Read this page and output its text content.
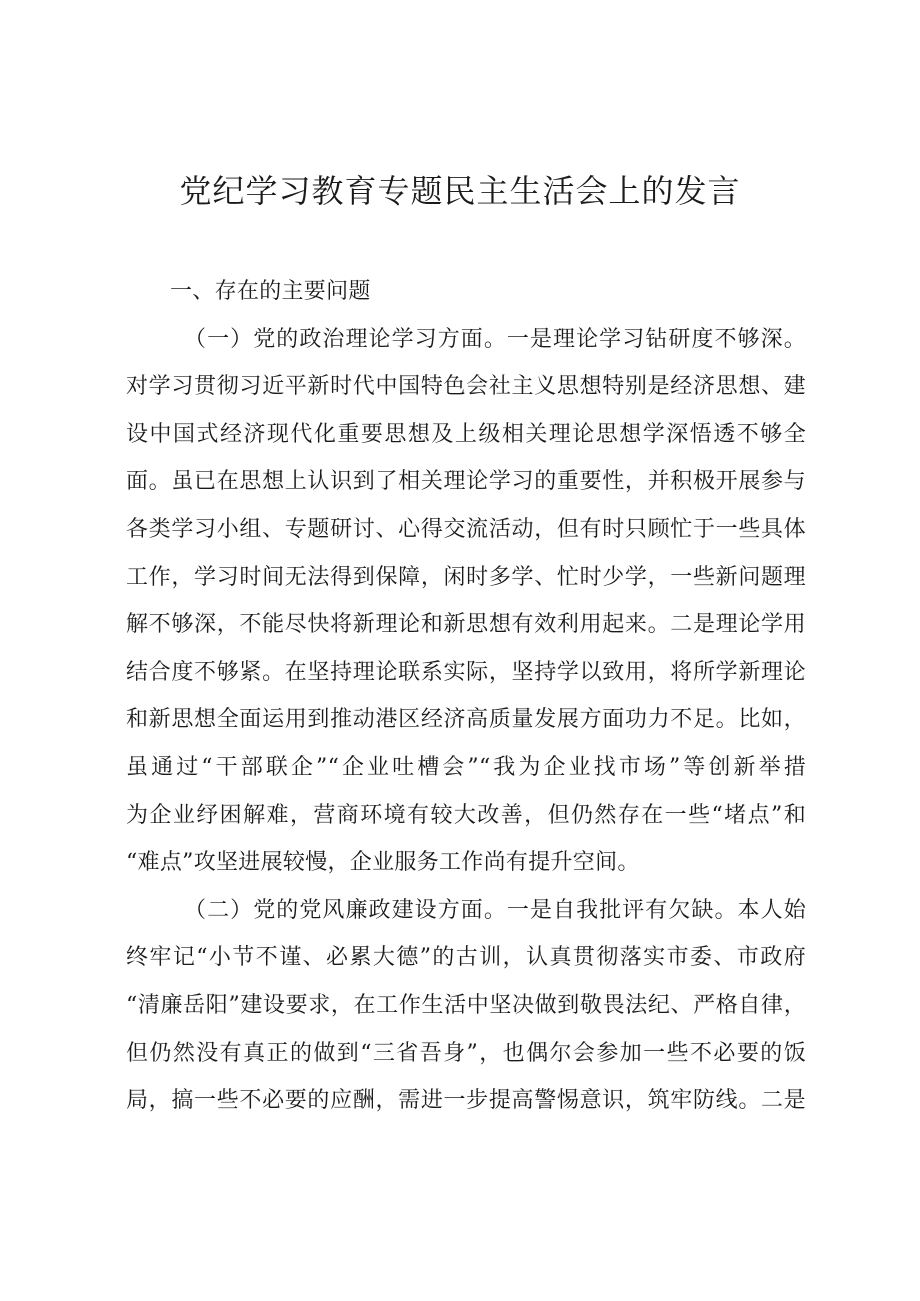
党纪学习教育专题民主生活会上的发言
一、存在的主要问题

（一）党的政治理论学习方面。一是理论学习钻研度不够深。
对学习贯彻习近平新时代中国特色会社主义思想特别是经济思想、建
设中国式经济现代化重要思想及上级相关理论思想学深悟透不够全
面。虽已在思想上认识到了相关理论学习的重要性，并积极开展参与
各类学习小组、专题研讨、心得交流活动，但有时只顾忙于一些具体
工作，学习时间无法得到保障，闲时多学、忙时少学，一些新问题理
解不够深，不能尽快将新理论和新思想有效利用起来。二是理论学用
结合度不够紧。在坚持理论联系实际，坚持学以致用，将所学新理论
和新思想全面运用到推动港区经济高质量发展方面功力不足。比如，
虽通过“干部联企”“企业吐槽会”“我为企业找市场”等创新举措
为企业纾困解难，营商环境有较大改善，但仍然存在一些“堵点”和
“难点”攻坚进展较慢，企业服务工作尚有提升空间。

（二）党的党风廉政建设方面。一是自我批评有欠缺。本人始
终牢记“小节不谨、必累大德”的古训，认真贯彻落实市委、市政府
“清廉岳阳”建设要求，在工作生活中坚决做到敬畏法纪、严格自律，
但仍然没有真正的做到“三省吾身”，也偶尔会参加一些不必要的饭
局，搞一些不必要的应酬，需进一步提高警惕意识，筑牢防线。二是
